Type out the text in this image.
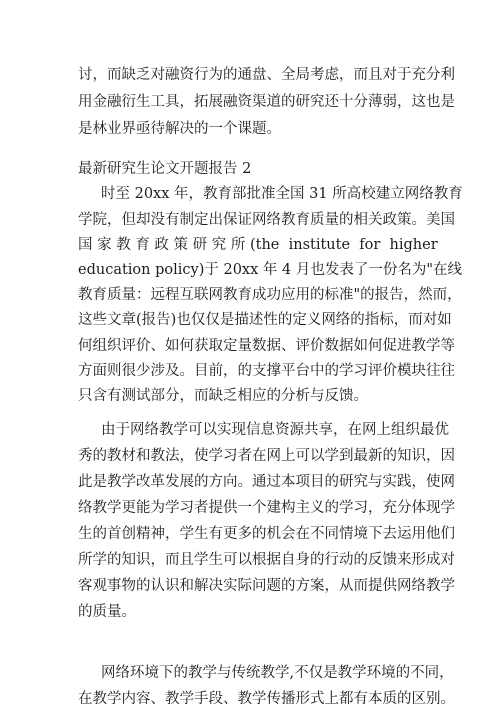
讨，而缺乏对融资行为的通盘、全局考虑，而且对于充分利
用金融衍生工具，拓展融资渠道的研究还十分薄弱，这也是
是林业界亟待解决的一个课题。
最新研究生论文开题报告 2
时至 20xx 年，教育部批准全国 31 所高校建立网络教育
学院，但却没有制定出保证网络教育质量的相关政策。美国
国 家 教 育 政 策 研 究 所 (the  institute  for  higher
education policy)于 20xx 年 4 月也发表了一份名为"在线
教育质量：远程互联网教育成功应用的标准"的报告，然而，
这些文章(报告)也仅仅是描述性的定义网络的指标，而对如
何组织评价、如何获取定量数据、评价数据如何促进教学等
方面则很少涉及。目前，的支撑平台中的学习评价模块往往
只含有测试部分，而缺乏相应的分析与反馈。
由于网络教学可以实现信息资源共享，在网上组织最优
秀的教材和教法，使学习者在网上可以学到最新的知识，因
此是教学改革发展的方向。通过本项目的研究与实践，使网
络教学更能为学习者提供一个建构主义的学习，充分体现学
生的首创精神，学生有更多的机会在不同情境下去运用他们
所学的知识，而且学生可以根据自身的行动的反馈来形成对
客观事物的认识和解决实际问题的方案，从而提供网络教学
的质量。
网络环境下的教学与传统教学,不仅是教学环境的不同，
在教学内容、教学手段、教学传播形式上都有本质的区别。
